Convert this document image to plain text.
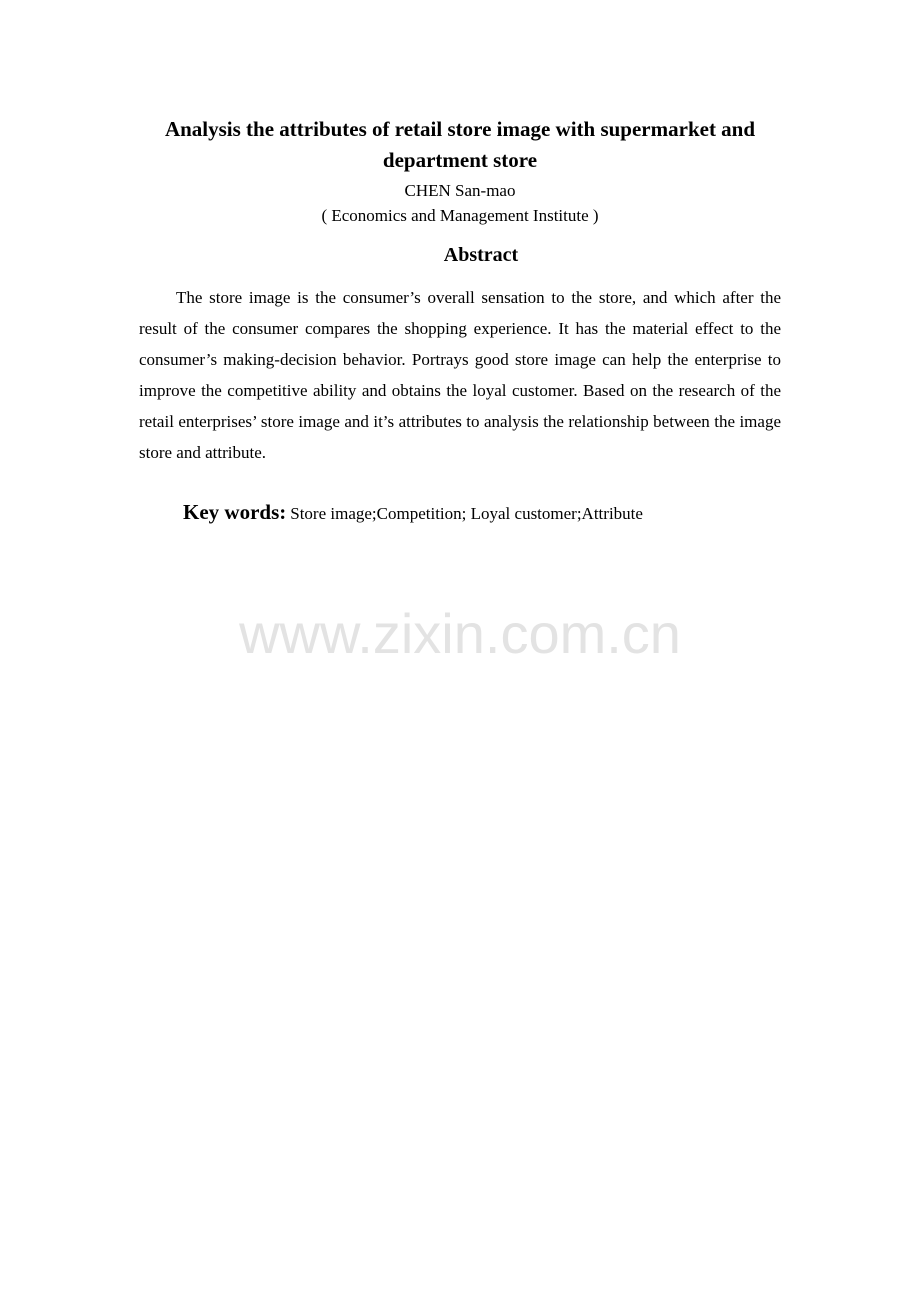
Analysis the attributes of retail store image with supermarket and department store

CHEN San-mao

( Economics and Management Institute )

Abstract

The store image is the consumer’s overall sensation to the store, and which after the result of the consumer compares the shopping experience. It has the material effect to the consumer’s making-decision behavior. Portrays good store image can help the enterprise to improve the competitive ability and obtains the loyal customer. Based on the research of the retail enterprises’ store image and it’s attributes to analysis the relationship between the image store and attribute.

Key words: Store image;Competition; Loyal customer;Attribute

www.zixin.com.cn
